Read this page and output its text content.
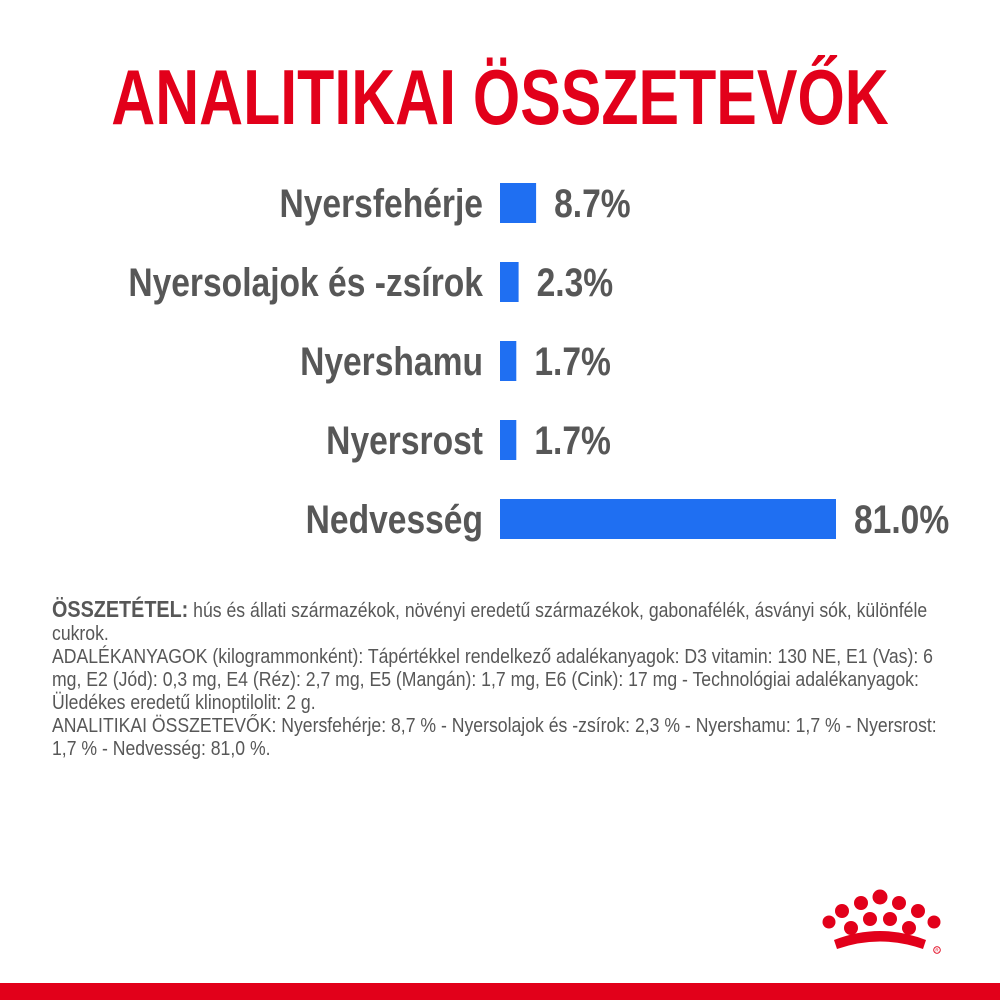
ANALITIKAI ÖSSZETEVŐK
Nyersfehérje 8.7%
Nyersolajok és -zsírok 2.3%
Nyershamu 1.7%
Nyersrost 1.7%
Nedvesség	81.0%

ÖSSZETÉTEL: hús és állati származékok, növényi eredetű származékok, gabonafélék, ásványi sók, különféle cukrok.

ADALÉKANYAGOK (kilogrammonként): Tápértékkel rendelkező adalékanyagok: D3 vitamin: 130 NE, E1 (Vas): 6 mg, E2 (Jód): 0,3 mg, E4 (Réz): 2,7 mg, E5 (Mangán): 1,7 mg, E6 (Cink): 17 mg - Technológiai adalékanyagok: Üledékes eredetű klinoptilolit: 2 g.

ANALITIKAI ÖSSZETEVŐK: Nyersfehérje: 8,7 % - Nyersolajok és -zsírok: 2,3 % - Nyershamu: 1,7 % - Nyersrost: 1,7 % - Nedvesség: 81,0 %.

R
